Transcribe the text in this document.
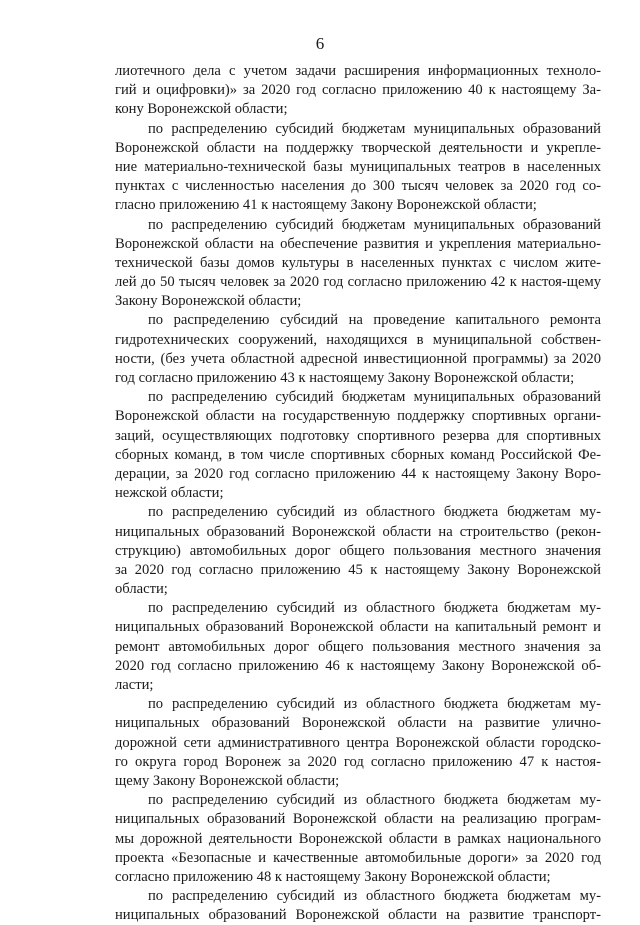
6
лиотечного дела с учетом задачи расширения информационных техноло-
гий и оцифровки)» за 2020 год согласно приложению 40 к настоящему За-
кону Воронежской области;
по распределению субсидий бюджетам муниципальных образований
Воронежской области на поддержку творческой деятельности и укрепле-
ние материально-технической базы муниципальных театров в населенных
пунктах с численностью населения до 300 тысяч человек за 2020 год со-
гласно приложению 41 к настоящему Закону Воронежской области;
по распределению субсидий бюджетам муниципальных образований
Воронежской области на обеспечение развития и укрепления материально-
технической базы домов культуры в населенных пунктах с числом жите-
лей до 50 тысяч человек за 2020 год согласно приложению 42 к настоя-щему
Закону Воронежской области;
по распределению субсидий на проведение капитального ремонта
гидротехнических сооружений, находящихся в муниципальной собствен-
ности, (без учета областной адресной инвестиционной программы) за 2020
год согласно приложению 43 к настоящему Закону Воронежской области;
по распределению субсидий бюджетам муниципальных образований
Воронежской области на государственную поддержку спортивных органи-
заций, осуществляющих подготовку спортивного резерва для спортивных
сборных команд, в том числе спортивных сборных команд Российской Фе-
дерации, за 2020 год согласно приложению 44 к настоящему Закону Воро-
нежской области;
по распределению субсидий из областного бюджета бюджетам му-
ниципальных образований Воронежской области на строительство (рекон-
струкцию) автомобильных дорог общего пользования местного значения
за 2020 год согласно приложению 45 к настоящему Закону Воронежской
области;
по распределению субсидий из областного бюджета бюджетам му-
ниципальных образований Воронежской области на капитальный ремонт и
ремонт автомобильных дорог общего пользования местного значения за
2020 год согласно приложению 46 к настоящему Закону Воронежской об-
ласти;
по распределению субсидий из областного бюджета бюджетам му-
ниципальных образований Воронежской области на развитие улично-
дорожной сети административного центра Воронежской области городско-
го округа город Воронеж за 2020 год согласно приложению 47 к настоя-
щему Закону Воронежской области;
по распределению субсидий из областного бюджета бюджетам му-
ниципальных образований Воронежской области на реализацию програм-
мы дорожной деятельности Воронежской области в рамках национального
проекта «Безопасные и качественные автомобильные дороги» за 2020 год
согласно приложению 48 к настоящему Закону Воронежской области;
по распределению субсидий из областного бюджета бюджетам му-
ниципальных образований Воронежской области на развитие транспорт-
